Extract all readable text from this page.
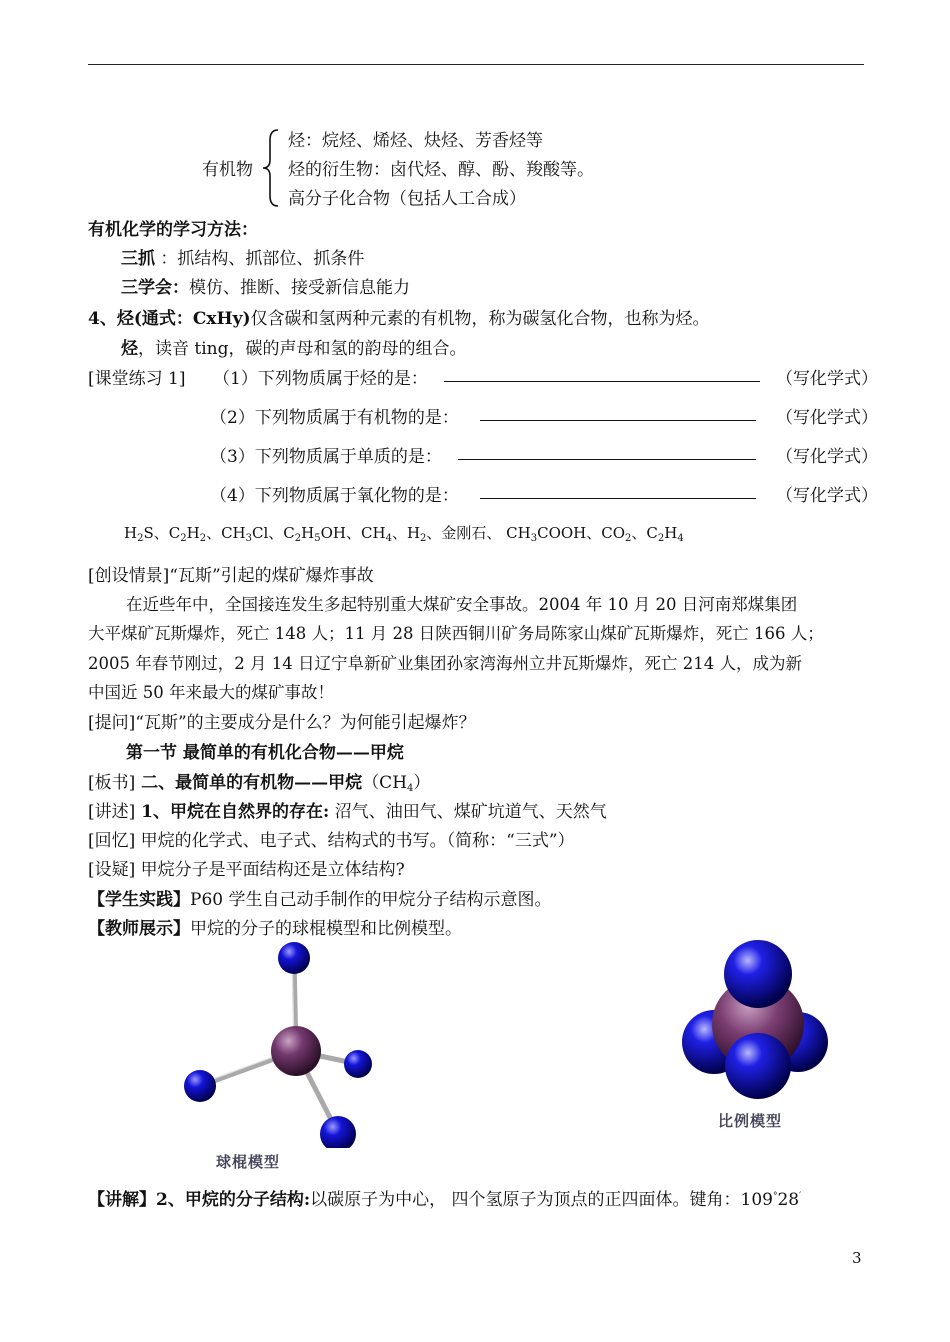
有机物
烃：烷烃、烯烃、炔烃、芳香烃等
烃的衍生物：卤代烃、醇、酚、羧酸等。
高分子化合物（包括人工合成）
有机化学的学习方法：
三抓 ：抓结构、抓部位、抓条件
三学会：模仿、推断、接受新信息能力
4、烃(通式：CxHy)仅含碳和氢两种元素的有机物，称为碳氢化合物，也称为烃。
烃，读音 ting，碳的声母和氢的韵母的组合。
[课堂练习 1] （1）下列物质属于烃的是：	（写化学式）
（2）下列物质属于有机物的是：	（写化学式）
（3）下列物质属于单质的是：	（写化学式）
（4）下列物质属于氧化物的是：	（写化学式）
$H_2S$、$C_2H_2$、$CH_3Cl$、$C_2H_5OH$、$CH_4$、$H_2$、金刚石、 $CH_3COOH$、$CO_2$、$C_2H_4$
[创设情景]“瓦斯”引起的煤矿爆炸事故
在近些年中，全国接连发生多起特别重大煤矿安全事故。2004 年 10 月 20 日河南郑煤集团
大平煤矿瓦斯爆炸，死亡 148 人；11 月 28 日陕西铜川矿务局陈家山煤矿瓦斯爆炸，死亡 166 人；
2005 年春节刚过，2 月 14 日辽宁阜新矿业集团孙家湾海州立井瓦斯爆炸，死亡 214 人，成为新
中国近 50 年来最大的煤矿事故！
[提问]“瓦斯”的主要成分是什么？为何能引起爆炸？
第一节 最简单的有机化合物——甲烷
[板书] 二、最简单的有机物——甲烷$(CH_4)$
[讲述] 1、甲烷在自然界的存在: 沼气、油田气、煤矿坑道气、天然气
[回忆] 甲烷的化学式、电子式、结构式的书写。（简称：“三式”）
[设疑] 甲烷分子是平面结构还是立体结构?
【学生实践】P60 学生自己动手制作的甲烷分子结构示意图。
【教师展示】甲烷的分子的球棍模型和比例模型。
球棍模型
比例模型
【讲解】2、甲烷的分子结构:以碳原子为中心， 四个氢原子为顶点的正四面体。键角：109°28′
3
